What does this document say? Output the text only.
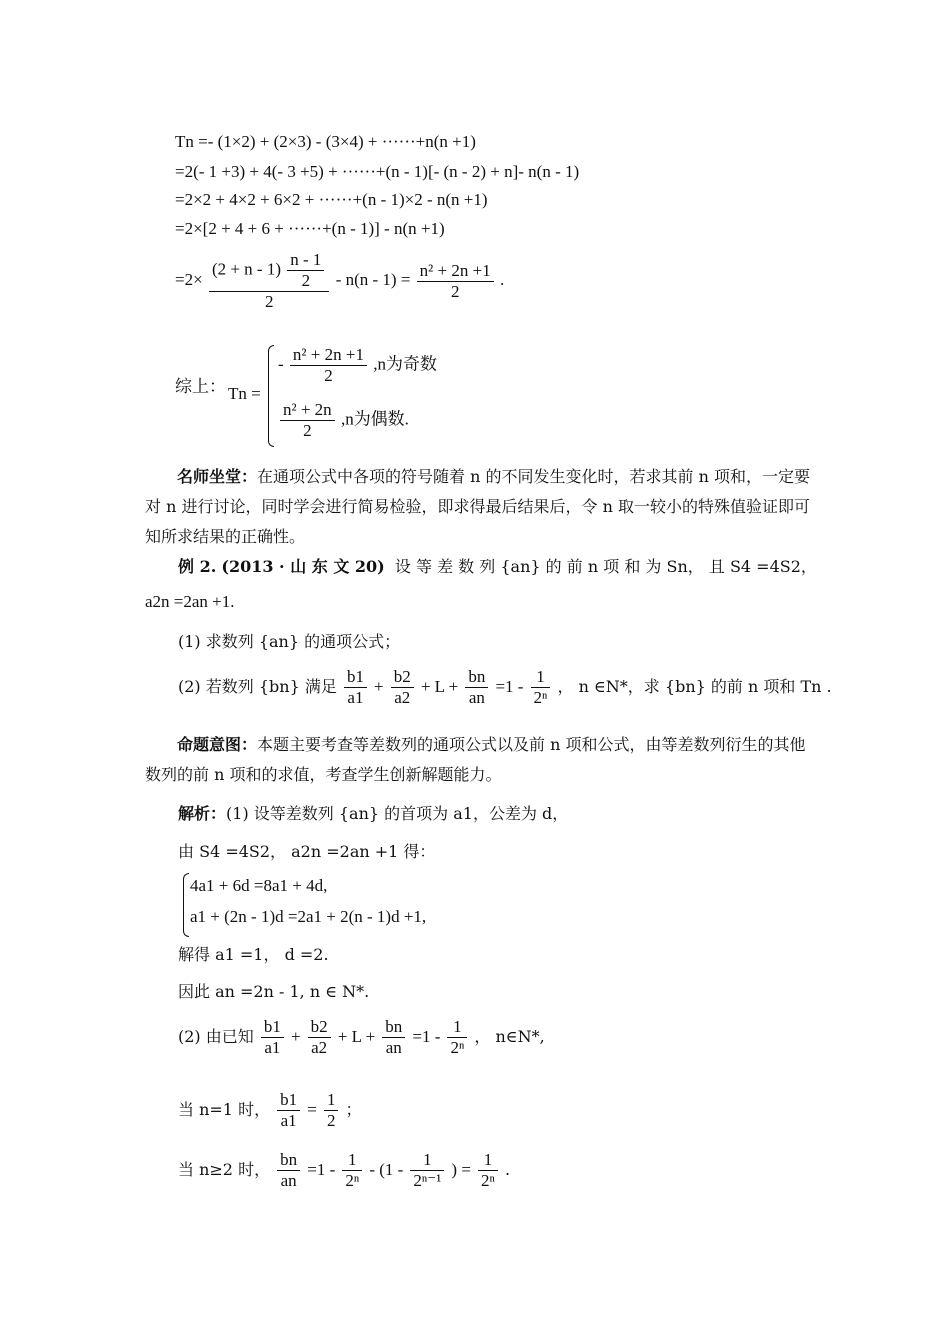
Tn =- (1×2) + (2×3) - (3×4) + ······+n(n +1)
=2(- 1 +3) + 4(- 3 +5) + ······+(n - 1)[- (n - 2) + n]- n(n - 1)
=2×2 + 4×2 + 6×2 + ······+(n - 1)×2 - n(n +1)
=2×[2 + 4 + 6 + ······+(n - 1)] - n(n +1)
$=2\times \frac{(2 + n - 1) \frac{n - 1}{2}}{2} - n(n - 1) = \frac{\text{n² + 2n +1}}{2}$ .
综上： Tn =
- $\frac{\text{n² + 2n +1}}{2} ,n$为奇数
$\frac{\text{n² + 2n}}{2} ,n$为偶数.
名师坐堂：在通项公式中各项的符号随着 n 的不同发生变化时，若求其前 n 项和，一定要对 n 进行讨论，同时学会进行简易检验，即求得最后结果后，令 n 取一较小的特殊值验证即可知所求结果的正确性。
例 2. (2013 · 山 东 文 20) 设 等 差 数 列 {an} 的 前 n 项 和 为 Sn， 且 S4 =4S2，
a2n =2an +1.
(1) 求数列 {an} 的通项公式；
(2) 若数列 {bn} 满足 $\frac{b1}{a1} + \frac{b2}{a2} + L + \frac{bn}{an} =1 - \frac{1}{\text{2ⁿ}}$ ， n ∈N*，求 {bn} 的前 n 项和 Tn .
命题意图：本题主要考查等差数列的通项公式以及前 n 项和公式，由等差数列衍生的其他数列的前 n 项和的求值，考查学生创新解题能力。
解析：(1) 设等差数列 {an} 的首项为 a1，公差为 d，
由 S4 =4S2， a2n =2an +1 得：
4a1 + 6d =8a1 + 4d,
a1 + (2n - 1)d =2a1 + 2(n - 1)d +1,
解得 a1 =1， d =2.
因此 an =2n - 1, n ∈ N*.
(2) 由已知 $\frac{b1}{a1} + \frac{b2}{a2} + L + \frac{bn}{an} =1 - \frac{1}{\text{2ⁿ}}$ ， n∈N*,
当 n=1 时， $\frac{b1}{a1} = \frac{1}{2}$ ；
当 n≥2 时， $\frac{bn}{an} =1 - \frac{1}{\text{2ⁿ}} - (1 - \frac{1}{\text{2ⁿ⁻¹}}$ ) = $\frac{1}{\text{2ⁿ}}$ .
